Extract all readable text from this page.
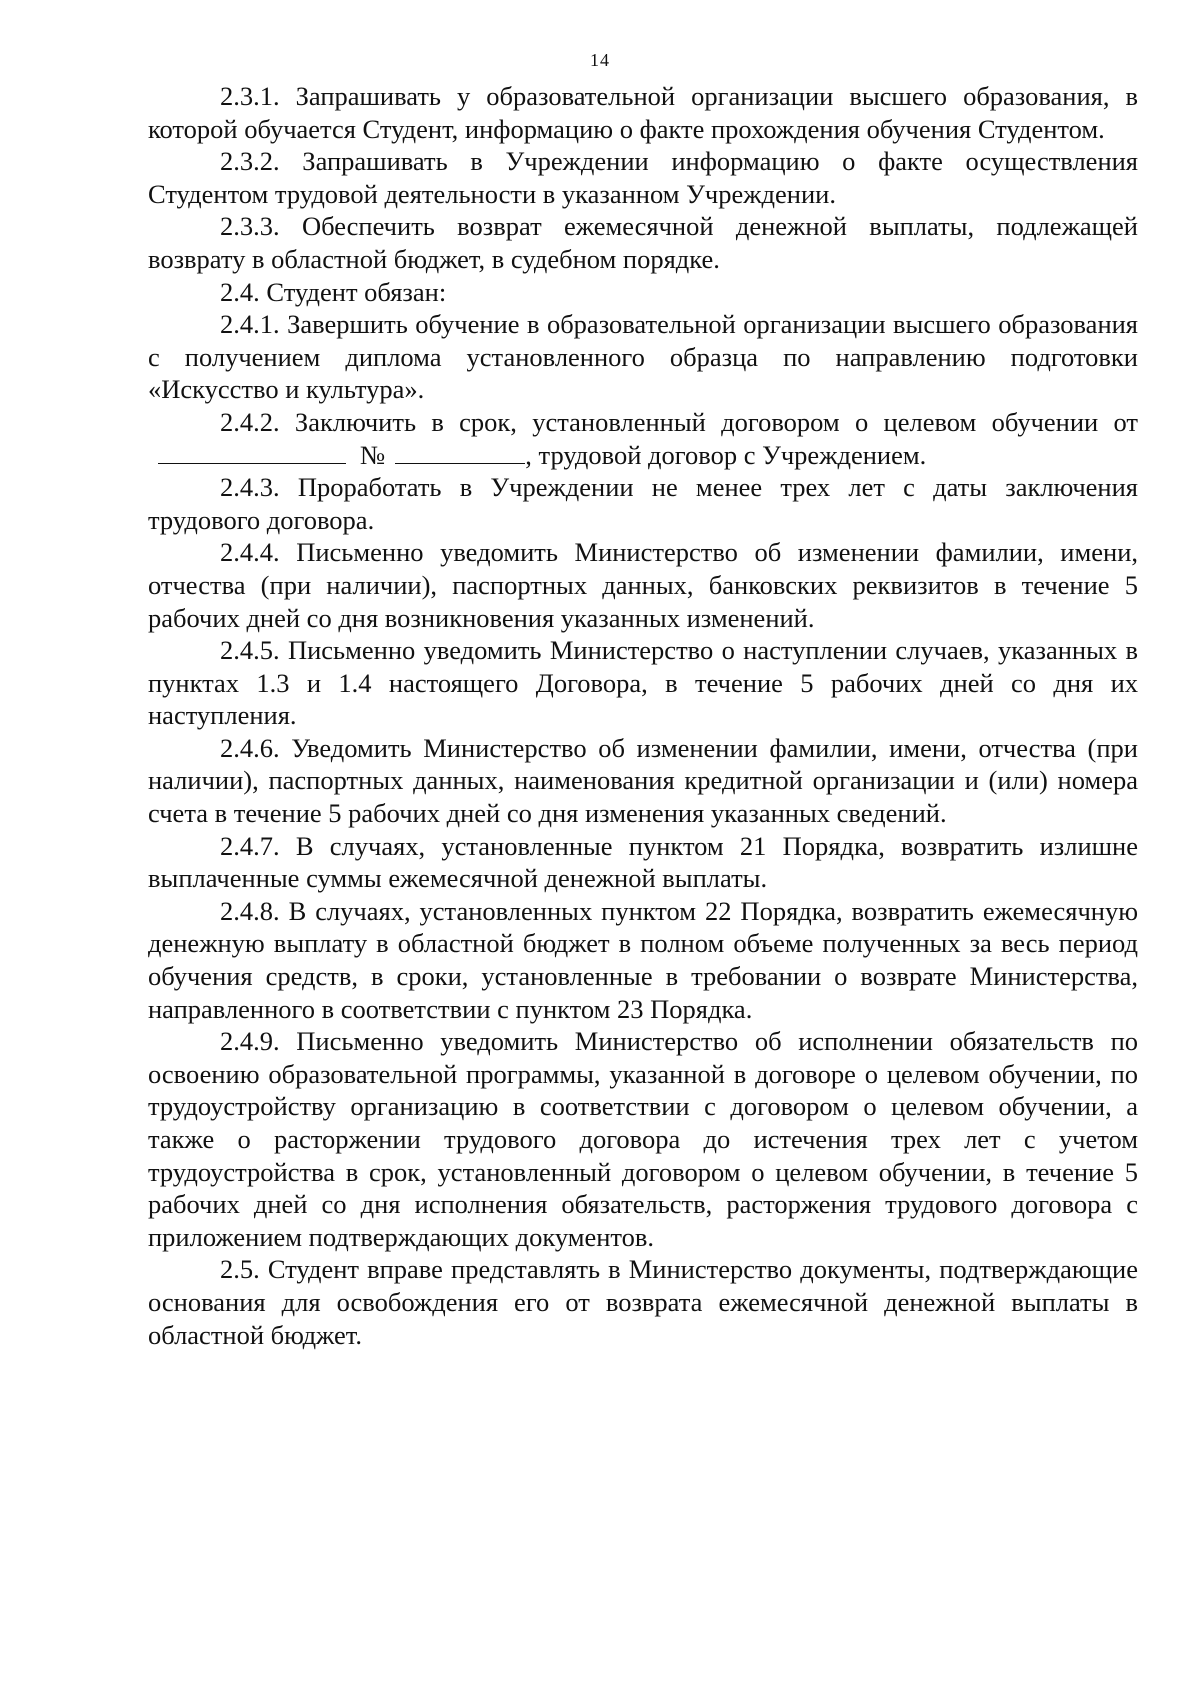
14

2.3.1. Запрашивать у образовательной организации высшего образования, в которой обучается Студент, информацию о факте прохождения обучения Студентом.

2.3.2. Запрашивать в Учреждении информацию о факте осуществления Студентом трудовой деятельности в указанном Учреждении.

2.3.3. Обеспечить возврат ежемесячной денежной выплаты, подлежащей возврату в областной бюджет, в судебном порядке.

2.4. Студент обязан:

2.4.1. Завершить обучение в образовательной организации высшего образования с получением диплома установленного образца по направлению подготовки «Искусство и культура».

2.4.2. Заключить в срок, установленный договором о целевом обучении от№	, трудовой договор с Учреждением.

2.4.3. Проработать в Учреждении не менее трех лет с даты заключения трудового договора.

2.4.4. Письменно уведомить Министерство об изменении фамилии, имени, отчества (при наличии), паспортных данных, банковских реквизитов в течение 5 рабочих дней со дня возникновения указанных изменений.

2.4.5. Письменно уведомить Министерство о наступлении случаев, указанных в пунктах 1.3 и 1.4 настоящего Договора, в течение 5 рабочих дней со дня их наступления.

2.4.6. Уведомить Министерство об изменении фамилии, имени, отчества (при наличии), паспортных данных, наименования кредитной организации и (или) номера счета в течение 5 рабочих дней со дня изменения указанных сведений.

2.4.7. В случаях, установленные пунктом 21 Порядка, возвратить излишне выплаченные суммы ежемесячной денежной выплаты.

2.4.8. В случаях, установленных пунктом 22 Порядка, возвратить ежемесячную денежную выплату в областной бюджет в полном объеме полученных за весь период обучения средств, в сроки, установленные в требовании о возврате Министерства, направленного в соответствии с пунктом 23 Порядка.

2.4.9. Письменно уведомить Министерство об исполнении обязательств по освоению образовательной программы, указанной в договоре о целевом обучении, по трудоустройству организацию в соответствии с договором о целевом обучении, а также о расторжении трудового договора до истечения трех лет с учетом трудоустройства в срок, установленный договором о целевом обучении, в течение 5 рабочих дней со дня исполнения обязательств, расторжения трудового договора с приложением подтверждающих документов.

2.5. Студент вправе представлять в Министерство документы, подтверждающие основания для освобождения его от возврата ежемесячной денежной выплаты в областной бюджет.
